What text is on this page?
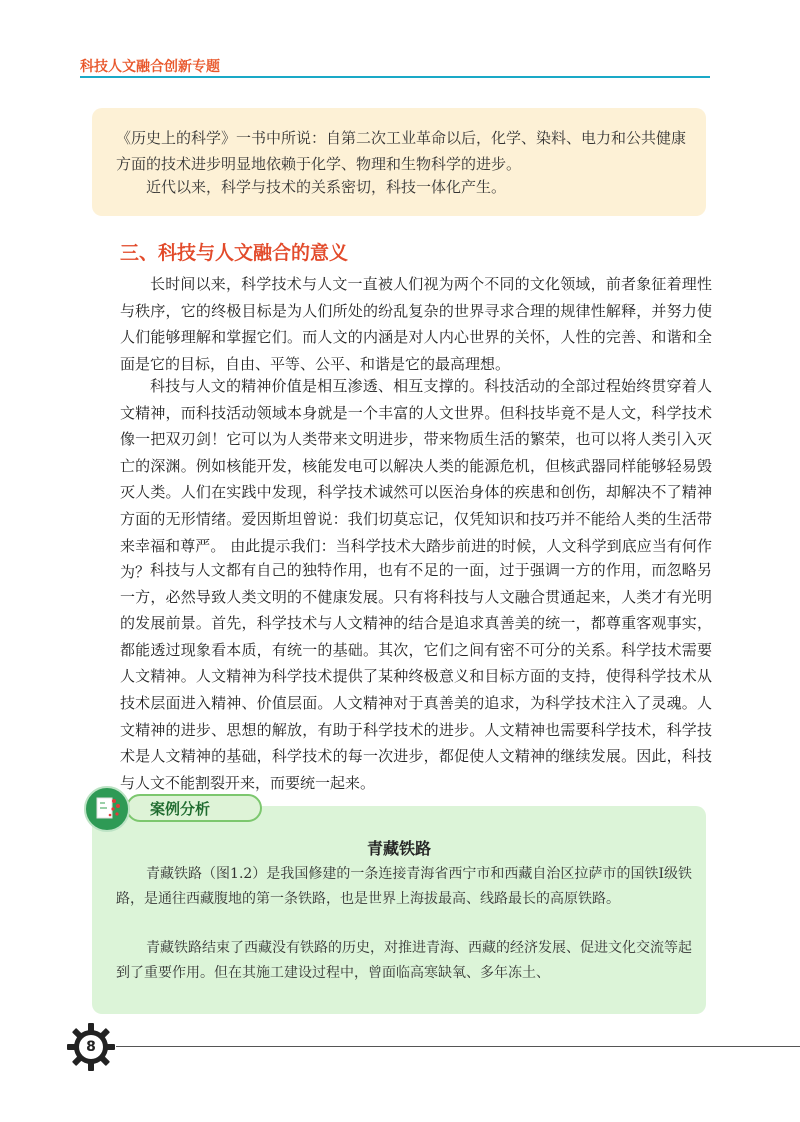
科技人文融合创新专题

《历史上的科学》一书中所说：自第二次工业革命以后，化学、染料、电力和公共健康方面的技术进步明显地依赖于化学、物理和生物科学的进步。

近代以来，科学与技术的关系密切，科技一体化产生。

三、科技与人文融合的意义

长时间以来，科学技术与人文一直被人们视为两个不同的文化领域，前者象征着理性与秩序，它的终极目标是为人们所处的纷乱复杂的世界寻求合理的规律性解释，并努力使人们能够理解和掌握它们。而人文的内涵是对人内心世界的关怀，人性的完善、和谐和全面是它的目标，自由、平等、公平、和谐是它的最高理想。

科技与人文的精神价值是相互渗透、相互支撑的。科技活动的全部过程始终贯穿着人文精神，而科技活动领域本身就是一个丰富的人文世界。但科技毕竟不是人文，科学技术像一把双刃剑！它可以为人类带来文明进步，带来物质生活的繁荣，也可以将人类引入灭亡的深渊。例如核能开发，核能发电可以解决人类的能源危机，但核武器同样能够轻易毁灭人类。人们在实践中发现，科学技术诚然可以医治身体的疾患和创伤，却解决不了精神方面的无形情绪。爱因斯坦曾说：我们切莫忘记，仅凭知识和技巧并不能给人类的生活带来幸福和尊严。 由此提示我们：当科学技术大踏步前进的时候，人文科学到底应当有何作为？ 科技与人文都有自己的独特作用，也有不足的一面，过于强调一方的作用，而忽略另一方，必然导致人类文明的不健康发展。只有将科技与人文融合贯通起来，人类才有光明的发展前景。首先，科学技术与人文精神的结合是追求真善美的统一，都尊重客观事实，都能透过现象看本质，有统一的基础。其次，它们之间有密不可分的关系。科学技术需要人文精神。人文精神为科学技术提供了某种终极意义和目标方面的支持，使得科学技术从技术层面进入精神、价值层面。人文精神对于真善美的追求，为科学技术注入了灵魂。人文精神的进步、思想的解放，有助于科学技术的进步。人文精神也需要科学技术，科学技术是人文精神的基础，科学技术的每一次进步，都促使人文精神的继续发展。因此，科技与人文不能割裂开来，而要统一起来。

案例分析
青藏铁路

青藏铁路（图1.2）是我国修建的一条连接青海省西宁市和西藏自治区拉萨市的国铁Ⅰ级铁路，是通往西藏腹地的第一条铁路，也是世界上海拔最高、线路最长的高原铁路。

青藏铁路结束了西藏没有铁路的历史，对推进青海、西藏的经济发展、促进文化交流等起到了重要作用。但在其施工建设过程中，曾面临高寒缺氧、多年冻土、

8
